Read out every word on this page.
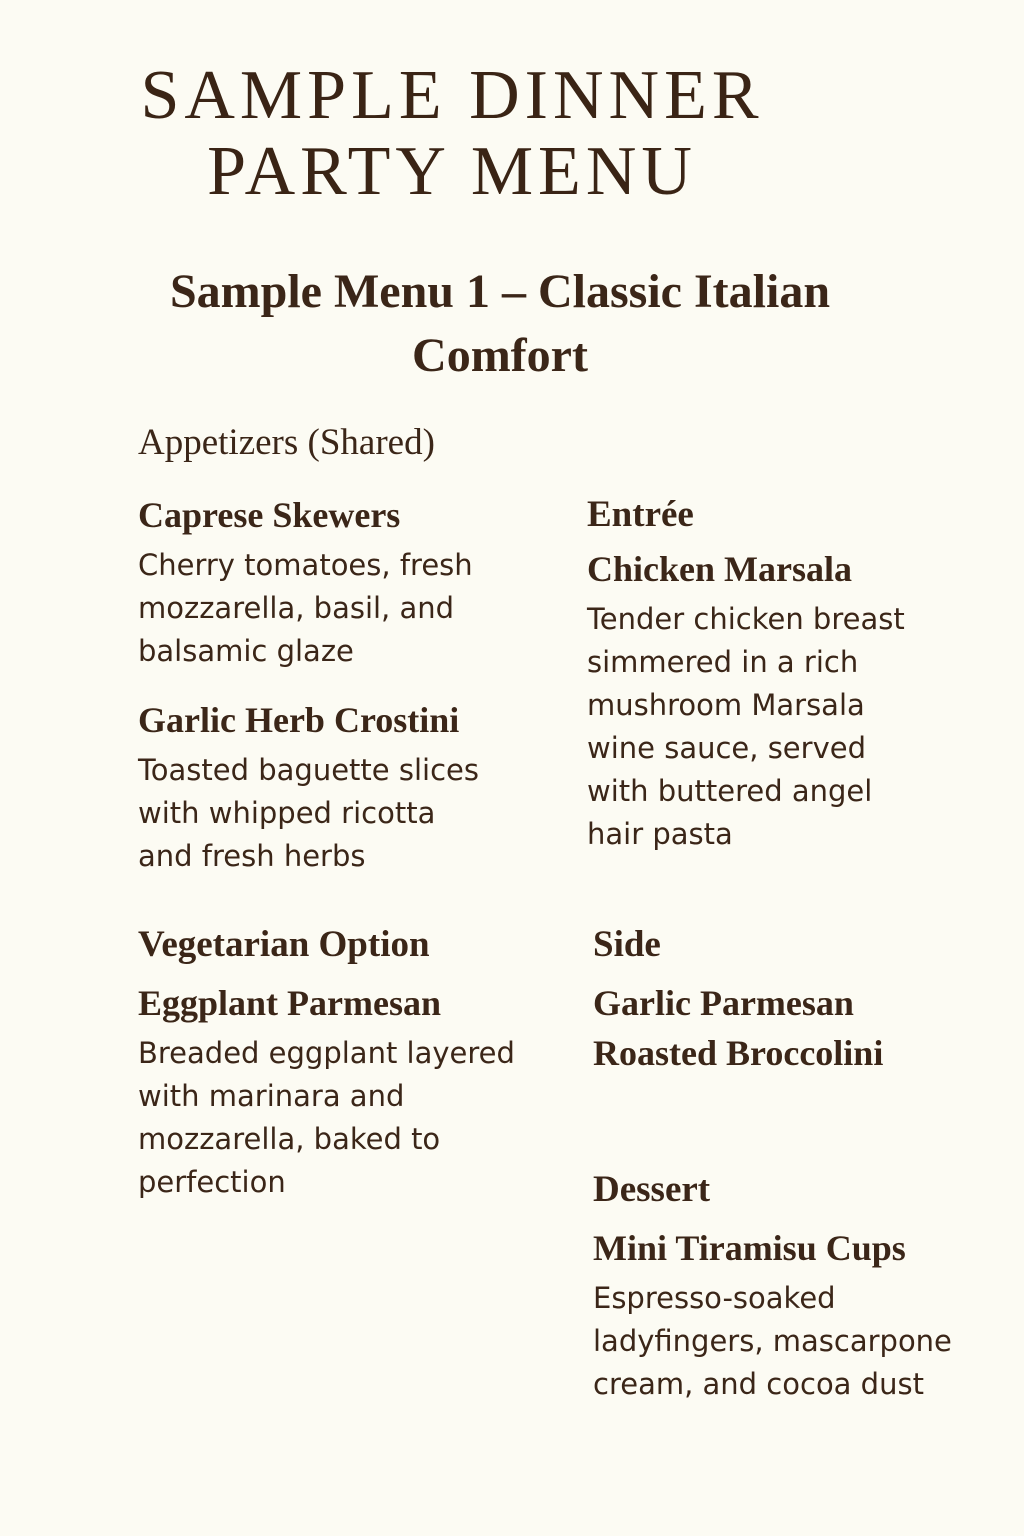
SAMPLE DINNER
PARTY MENU
Sample Menu 1 – Classic Italian
Comfort
Appetizers (Shared)

Caprese Skewers

Cherry tomatoes, fresh
mozzarella, basil, and
balsamic glaze

Garlic Herb Crostini

Toasted baguette slices
with whipped ricotta
and fresh herbs

Entrée

Chicken Marsala

Tender chicken breast
simmered in a rich
mushroom Marsala
wine sauce, served
with buttered angel
hair pasta

Vegetarian Option

Eggplant Parmesan

Breaded eggplant layered
with marinara and
mozzarella, baked to
perfection

Side

Garlic Parmesan

Roasted Broccolini

Dessert

Mini Tiramisu Cups

Espresso-soaked
ladyfingers, mascarpone
cream, and cocoa dust
